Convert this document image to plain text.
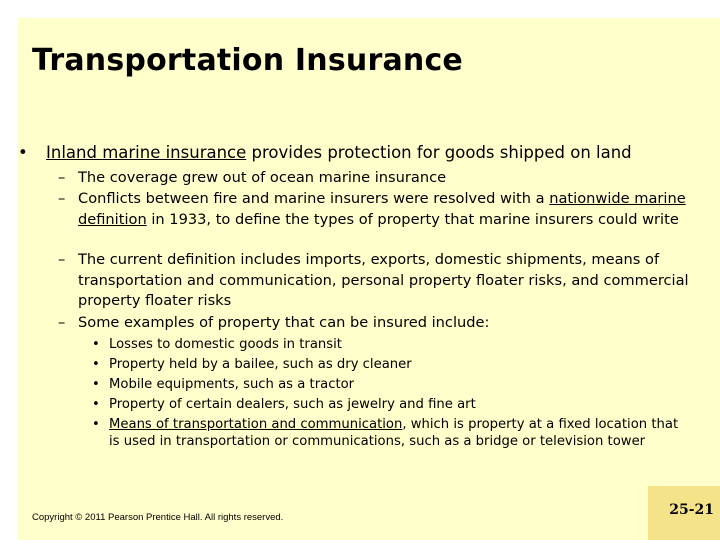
Transportation Insurance
• Inland marine insurance provides protection for goods shipped on land
– The coverage grew out of ocean marine insurance
– Conflicts between fire and marine insurers were resolved with a nationwide marine definition in 1933, to define the types of property that marine insurers could write
– The current definition includes imports, exports, domestic shipments, means of transportation and communication, personal property floater risks, and commercial property floater risks
– Some examples of property that can be insured include:
• Losses to domestic goods in transit
• Property held by a bailee, such as dry cleaner
• Mobile equipments, such as a tractor
• Property of certain dealers, such as jewelry and fine art
• Means of transportation and communication, which is property at a fixed location that is used in transportation or communications, such as a bridge or television tower
Copyright © 2011 Pearson Prentice Hall. All rights reserved.	25-21
